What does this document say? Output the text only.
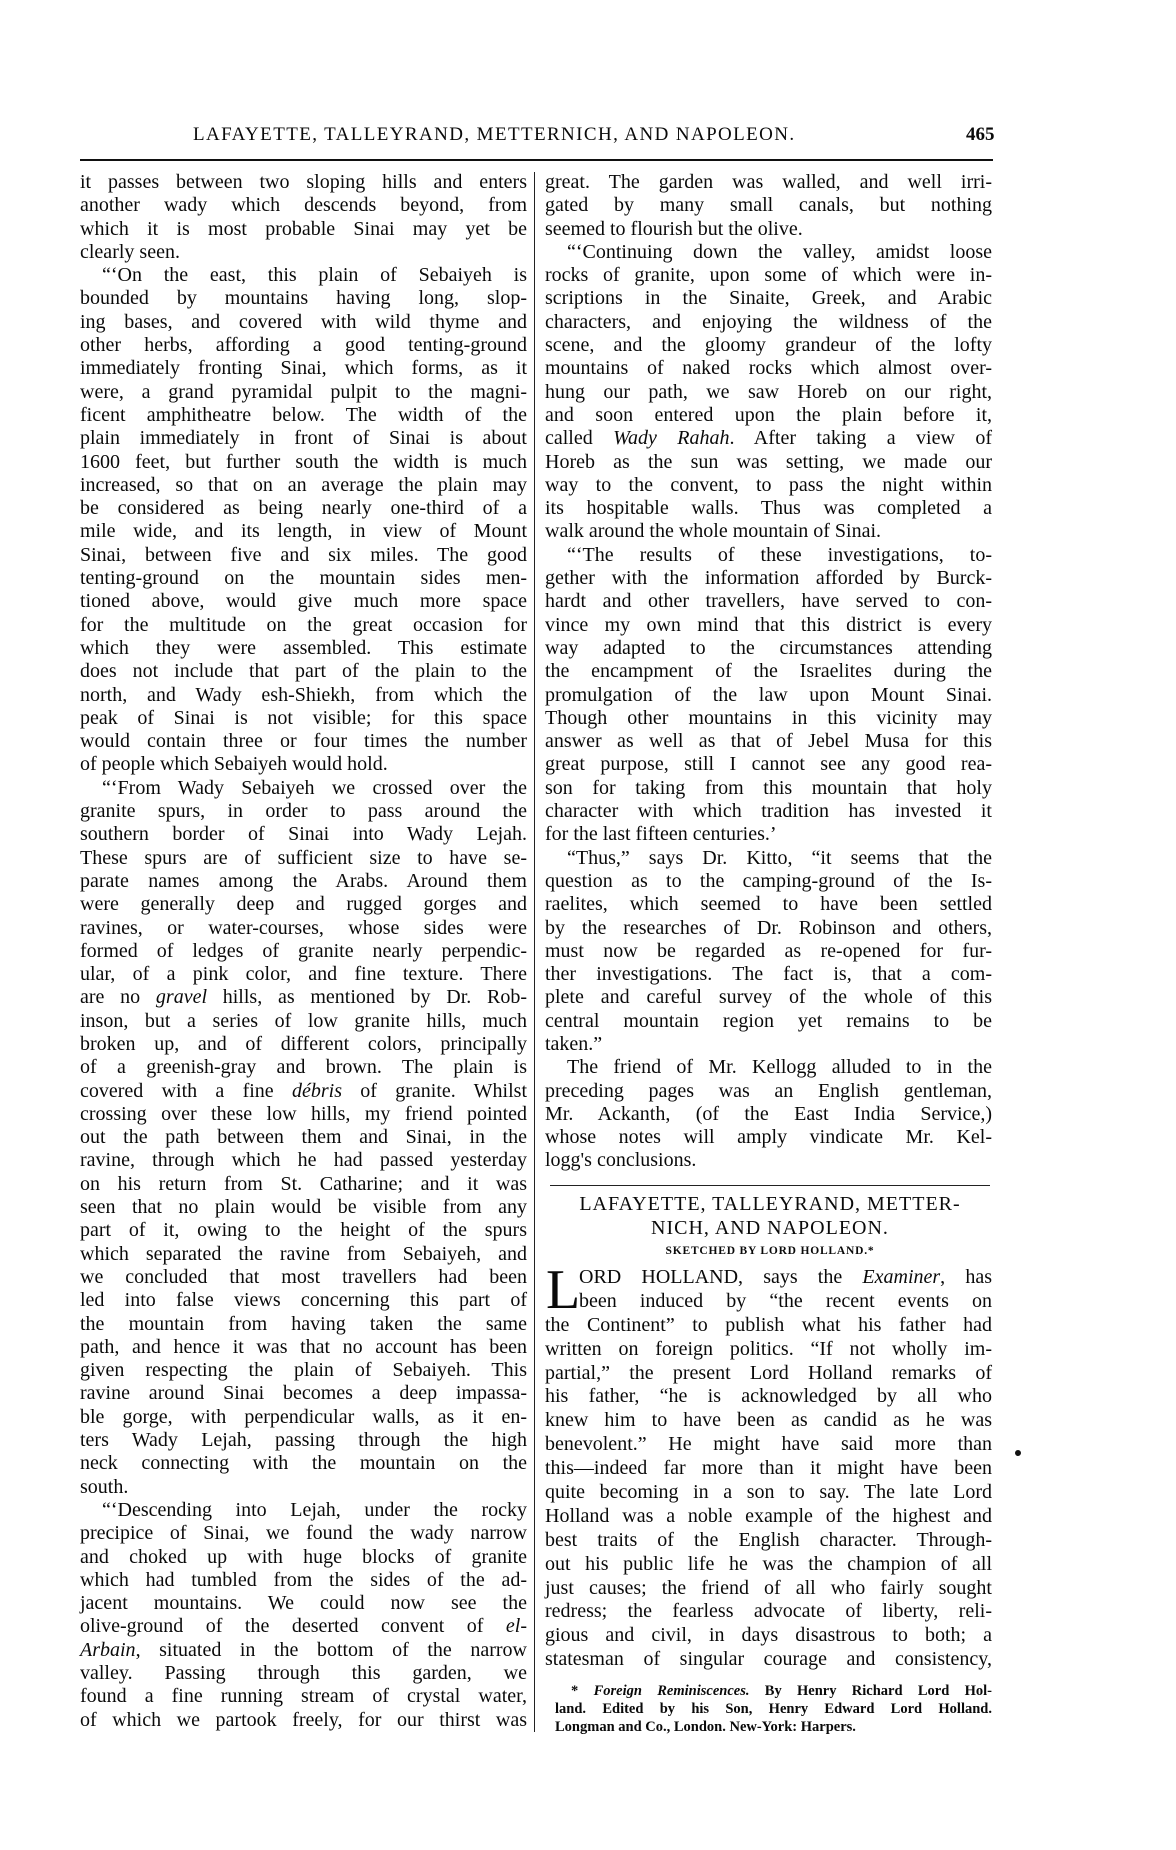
LAFAYETTE, TALLEYRAND, METTERNICH, AND NAPOLEON.	465
it passes between two sloping hills and enters
another wady which descends beyond, from
which it is most probable Sinai may yet be
clearly seen.
“‘On the east, this plain of Sebaiyeh is
bounded by mountains having long, slop-
ing bases, and covered with wild thyme and
other herbs, affording a good tenting-ground
immediately fronting Sinai, which forms, as it
were, a grand pyramidal pulpit to the magni-
ficent amphitheatre below. The width of the
plain immediately in front of Sinai is about
1600 feet, but further south the width is much
increased, so that on an average the plain may
be considered as being nearly one-third of a
mile wide, and its length, in view of Mount
Sinai, between five and six miles. The good
tenting-ground on the mountain sides men-
tioned above, would give much more space
for the multitude on the great occasion for
which they were assembled. This estimate
does not include that part of the plain to the
north, and Wady esh-Shiekh, from which the
peak of Sinai is not visible; for this space
would contain three or four times the number
of people which Sebaiyeh would hold.
“‘From Wady Sebaiyeh we crossed over the
granite spurs, in order to pass around the
southern border of Sinai into Wady Lejah.
These spurs are of sufficient size to have se-
parate names among the Arabs. Around them
were generally deep and rugged gorges and
ravines, or water-courses, whose sides were
formed of ledges of granite nearly perpendic-
ular, of a pink color, and fine texture. There
are no gravel hills, as mentioned by Dr. Rob-
inson, but a series of low granite hills, much
broken up, and of different colors, principally
of a greenish-gray and brown. The plain is
covered with a fine débris of granite. Whilst
crossing over these low hills, my friend pointed
out the path between them and Sinai, in the
ravine, through which he had passed yesterday
on his return from St. Catharine; and it was
seen that no plain would be visible from any
part of it, owing to the height of the spurs
which separated the ravine from Sebaiyeh, and
we concluded that most travellers had been
led into false views concerning this part of
the mountain from having taken the same
path, and hence it was that no account has been
given respecting the plain of Sebaiyeh. This
ravine around Sinai becomes a deep impassa-
ble gorge, with perpendicular walls, as it en-
ters Wady Lejah, passing through the high
neck connecting with the mountain on the
south.
“‘Descending into Lejah, under the rocky
precipice of Sinai, we found the wady narrow
and choked up with huge blocks of granite
which had tumbled from the sides of the ad-
jacent mountains. We could now see the
olive-ground of the deserted convent of el-
Arbain, situated in the bottom of the narrow
valley. Passing through this garden, we
found a fine running stream of crystal water,
of which we partook freely, for our thirst was
great. The garden was walled, and well irri-
gated by many small canals, but nothing
seemed to flourish but the olive.
“‘Continuing down the valley, amidst loose
rocks of granite, upon some of which were in-
scriptions in the Sinaite, Greek, and Arabic
characters, and enjoying the wildness of the
scene, and the gloomy grandeur of the lofty
mountains of naked rocks which almost over-
hung our path, we saw Horeb on our right,
and soon entered upon the plain before it,
called Wady Rahah. After taking a view of
Horeb as the sun was setting, we made our
way to the convent, to pass the night within
its hospitable walls. Thus was completed a
walk around the whole mountain of Sinai.
“‘The results of these investigations, to-
gether with the information afforded by Burck-
hardt and other travellers, have served to con-
vince my own mind that this district is every
way adapted to the circumstances attending
the encampment of the Israelites during the
promulgation of the law upon Mount Sinai.
Though other mountains in this vicinity may
answer as well as that of Jebel Musa for this
great purpose, still I cannot see any good rea-
son for taking from this mountain that holy
character with which tradition has invested it
for the last fifteen centuries.’
“Thus,” says Dr. Kitto, “it seems that the
question as to the camping-ground of the Is-
raelites, which seemed to have been settled
by the researches of Dr. Robinson and others,
must now be regarded as re-opened for fur-
ther investigations. The fact is, that a com-
plete and careful survey of the whole of this
central mountain region yet remains to be
taken.”
The friend of Mr. Kellogg alluded to in the
preceding pages was an English gentleman,
Mr. Ackanth, (of the East India Service,)
whose notes will amply vindicate Mr. Kel-
logg's conclusions.
LAFAYETTE, TALLEYRAND, METTER-
NICH, AND NAPOLEON.
SKETCHED BY LORD HOLLAND.*
L
ORD HOLLAND, says the Examiner, has
been induced by “the recent events on
the Continent” to publish what his father had
written on foreign politics. “If not wholly im-
partial,” the present Lord Holland remarks of
his father, “he is acknowledged by all who
knew him to have been as candid as he was
benevolent.” He might have said more than
this—indeed far more than it might have been
quite becoming in a son to say. The late Lord
Holland was a noble example of the highest and
best traits of the English character. Through-
out his public life he was the champion of all
just causes; the friend of all who fairly sought
redress; the fearless advocate of liberty, reli-
gious and civil, in days disastrous to both; a
statesman of singular courage and consistency,
* Foreign Reminiscences. By Henry Richard Lord Hol-
land. Edited by his Son, Henry Edward Lord Holland.
Longman and Co., London. New-York: Harpers.
